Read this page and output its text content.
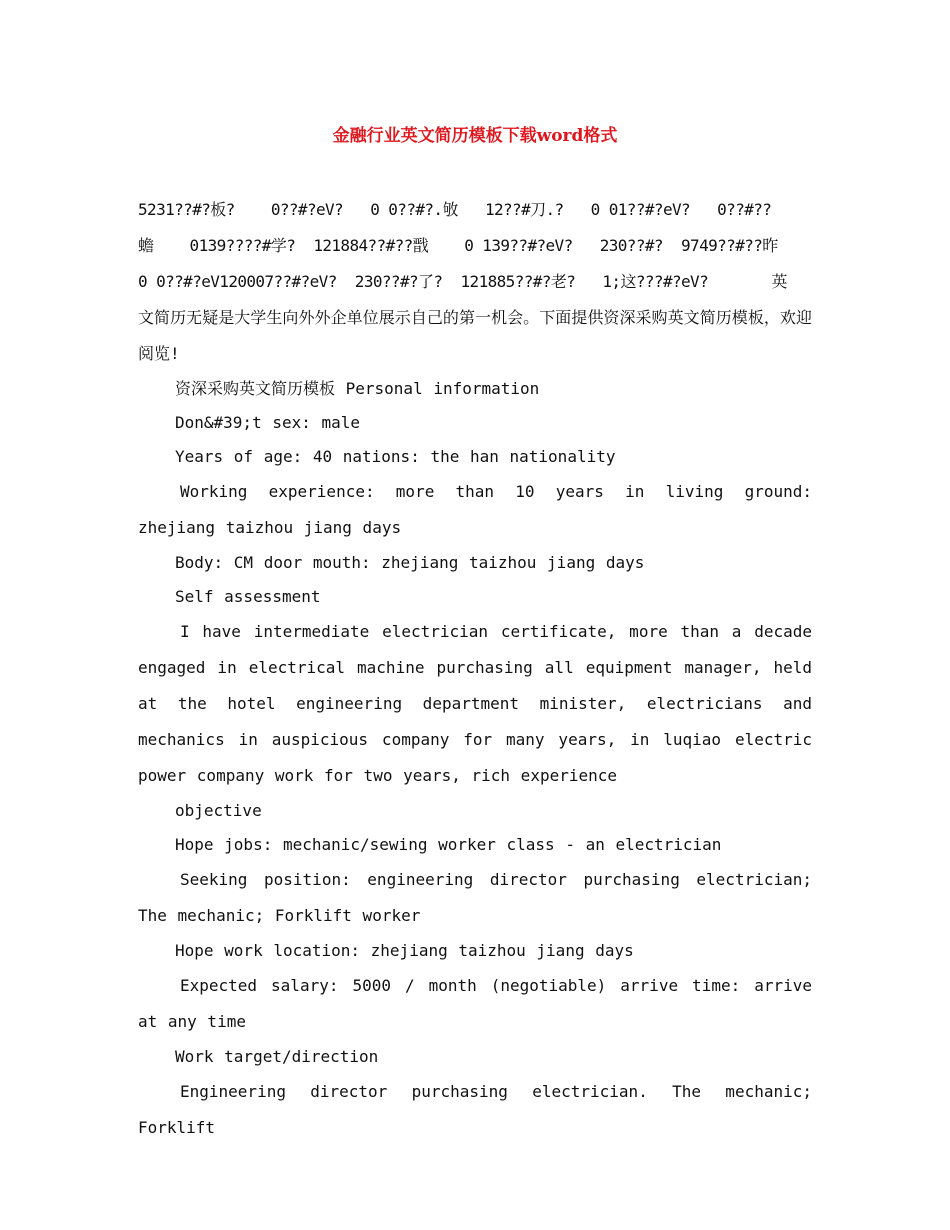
金融行业英文简历模板下载word格式

5231??#?板?    0??#?eV?   0 0??#?.敂   12??#刀.?   0 01??#?eV?   0??#??

蟾    0139????#学?  121884??#??戬    0 139??#?eV?   230??#?  9749??#??昨

0 0??#?eV120007??#?eV?  230??#?了?  121885??#?老?   1;这???#?eV?       英

文简历无疑是大学生向外外企单位展示自己的第一机会。下面提供资深采购英文简历模板，欢迎阅览!

资深采购英文简历模板 Personal information

Don&#39;t sex: male

Years of age: 40 nations: the han nationality

Working experience: more than 10 years in living ground: zhejiang taizhou jiang days

Body: CM door mouth: zhejiang taizhou jiang days

Self assessment

I have intermediate electrician certificate, more than a decade engaged in electrical machine purchasing all equipment manager, held at the hotel engineering department minister, electricians and mechanics in auspicious company for many years, in luqiao electric power company work for two years, rich experience

objective

Hope jobs: mechanic/sewing worker class - an electrician

Seeking position: engineering director purchasing electrician; The mechanic; Forklift worker

Hope work location: zhejiang taizhou jiang days

Expected salary: 5000 / month (negotiable) arrive time: arrive at any time

Work target/direction

Engineering director purchasing electrician. The mechanic; Forklift
